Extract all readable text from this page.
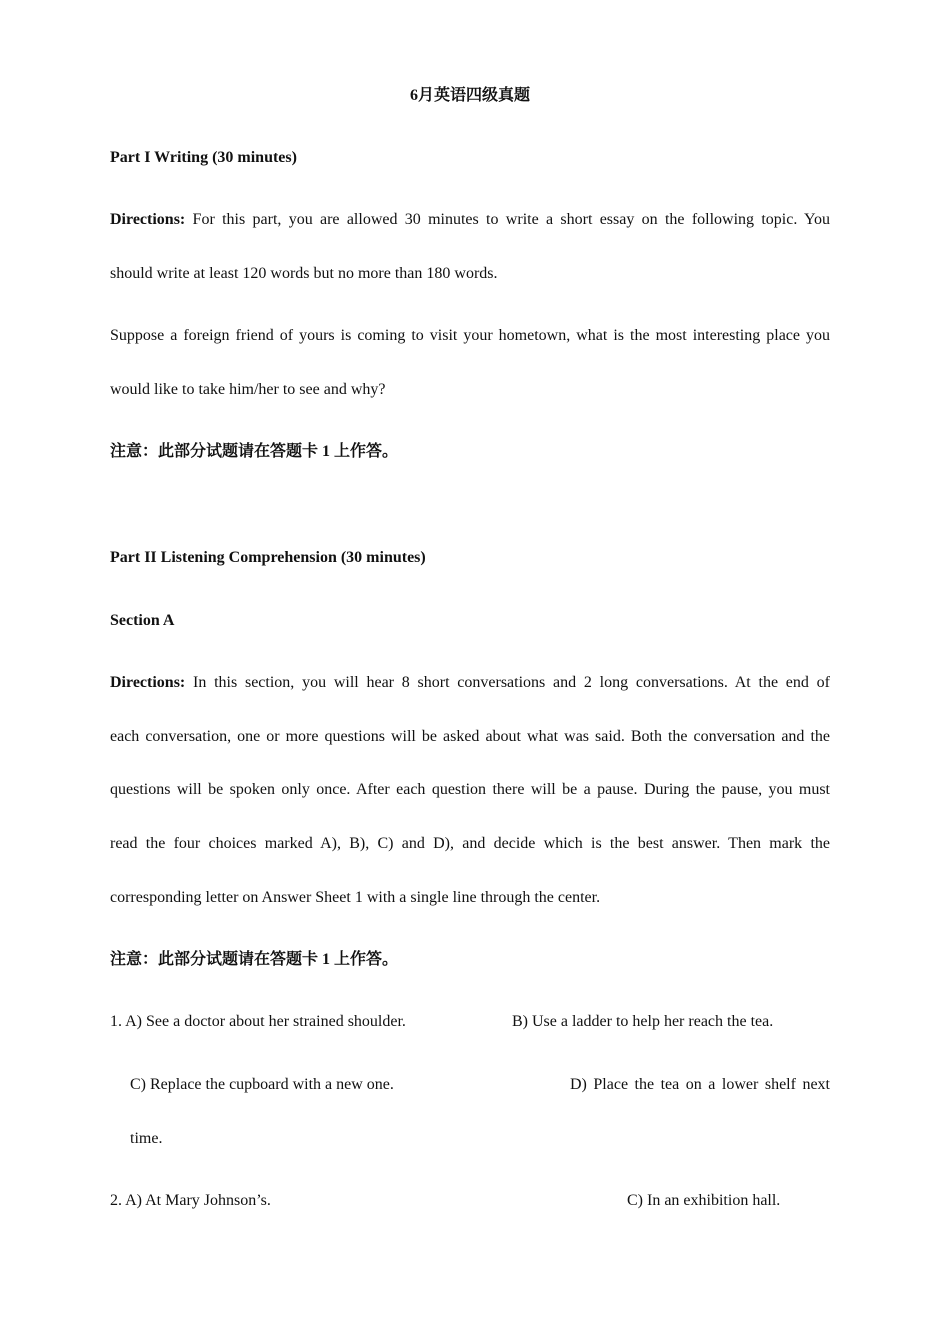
6月英语四级真题
Part I Writing (30 minutes)
Directions: For this part, you are allowed 30 minutes to write a short essay on the following topic. You
should write at least 120 words but no more than 180 words.
Suppose a foreign friend of yours is coming to visit your hometown, what is the most interesting place you
would like to take him/her to see and why?
注意：此部分试题请在答题卡 1 上作答。
Part II Listening Comprehension (30 minutes)
Section A
Directions: In this section, you will hear 8 short conversations and 2 long conversations. At the end of
each conversation, one or more questions will be asked about what was said. Both the conversation and the
questions will be spoken only once. After each question there will be a pause. During the pause, you must
read the four choices marked A), B), C) and D), and decide which is the best answer. Then mark the
corresponding letter on Answer Sheet 1 with a single line through the center.
注意：此部分试题请在答题卡 1 上作答。
1. A) See a doctor about her strained shoulder.	B) Use a ladder to help her reach the tea.
C) Replace the cupboard with a new one.	D) Place the tea on a lower shelf next
time.
2. A) At Mary Johnson’s.	C) In an exhibition hall.
